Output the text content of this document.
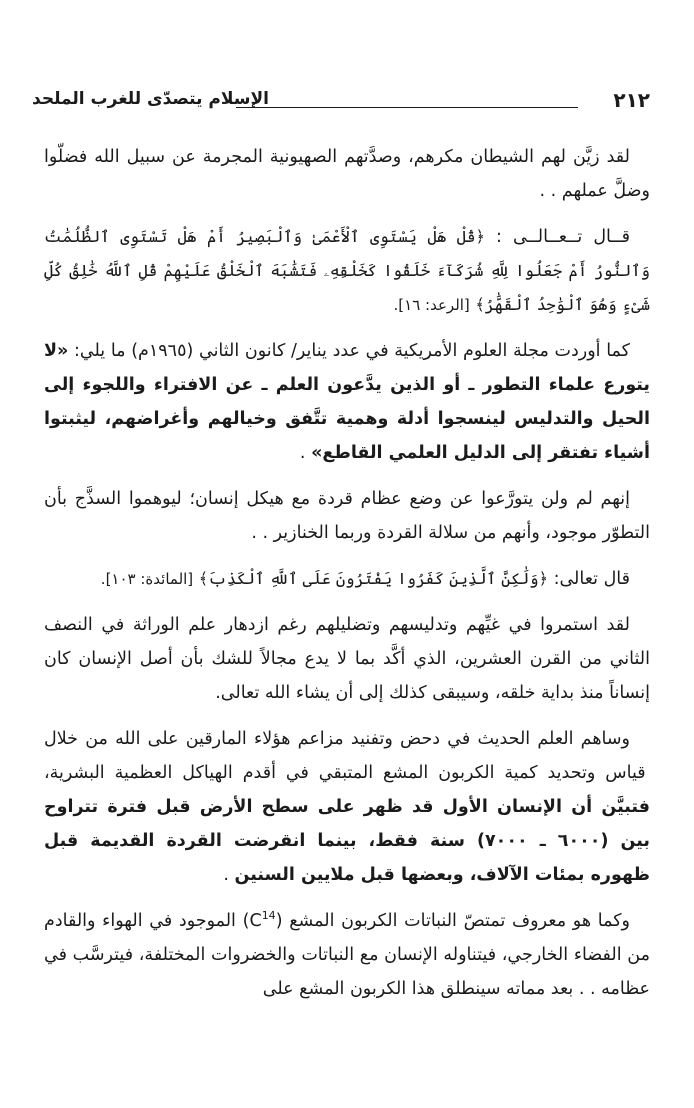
٢١٢
الإسلام يتصدّى للغرب الملحد

لقد زيَّن لهم الشيطان مكرهم، وصدَّتهم الصهيونية المجرمة عن سبيل الله فضلّوا وضلَّ عملهم . .

قــال تــعــالــى : ﴿قُلْ هَلْ يَسْتَوِى ٱلْأَعْمَىٰ وَٱلْبَصِيرُ أَمْ هَلْ تَسْتَوِى ٱلظُّلُمَٰتُ وَٱلنُّورُ أَمْ جَعَلُوا لِلَّهِ شُرَكَآءَ خَلَقُوا كَخَلْقِهِۦ فَتَشَٰبَهَ ٱلْخَلْقُ عَلَيْهِمْ قُلِ ٱللَّهُ خَٰلِقُ كُلِّ شَىْءٍ وَهُوَ ٱلْوَٰحِدُ ٱلْقَهَّٰرُ﴾ [الرعد: ١٦].

كما أوردت مجلة العلوم الأمريكية في عدد يناير/ كانون الثاني (١٩٦٥م) ما يلي: «لا يتورع علماء التطور ـ أو الذين يدَّعون العلم ـ عن الافتراء واللجوء إلى الحيل والتدليس لينسجوا أدلة وهمية تتَّفق وخيالهم وأغراضهم، ليثبتوا أشياء تفتقر إلى الدليل العلمي القاطع» .

إنهم لم ولن يتورَّعوا عن وضع عظام قردة مع هيكل إنسان؛ ليوهموا السذَّج بأن التطوّر موجود، وأنهم من سلالة القردة وربما الخنازير . .

قال تعالى: ﴿وَلَٰكِنَّ ٱلَّذِينَ كَفَرُوا يَفْتَرُونَ عَلَى ٱللَّهِ ٱلْكَذِبَ﴾ [المائدة: ١٠٣].

لقد استمروا في غيِّهم وتدليسهم وتضليلهم رغم ازدهار علم الوراثة في النصف الثاني من القرن العشرين، الذي أكَّد بما لا يدع مجالاً للشك بأن أصل الإنسان كان إنساناً منذ بداية خلقه، وسيبقى كذلك إلى أن يشاء الله تعالى.

وساهم العلم الحديث في دحض وتفنيد مزاعم هؤلاء المارقين على الله من خلال قياس وتحديد كمية الكربون المشع المتبقي في أقدم الهياكل العظمية البشرية، فتبيَّن أن الإنسان الأول قد ظهر على سطح الأرض قبل فترة تتراوح بين (٦٠٠٠ ـ ٧٠٠٠) سنة فقط، بينما انقرضت القردة القديمة قبل ظهوره بمئات الآلاف، وبعضها قبل ملايين السنين .

وكما هو معروف تمتصّ النباتات الكربون المشع $(C^{14})$ الموجود في الهواء والقادم من الفضاء الخارجي، فيتناوله الإنسان مع النباتات والخضروات المختلفة، فيترسَّب في عظامه . . بعد مماته سينطلق هذا الكربون المشع على
